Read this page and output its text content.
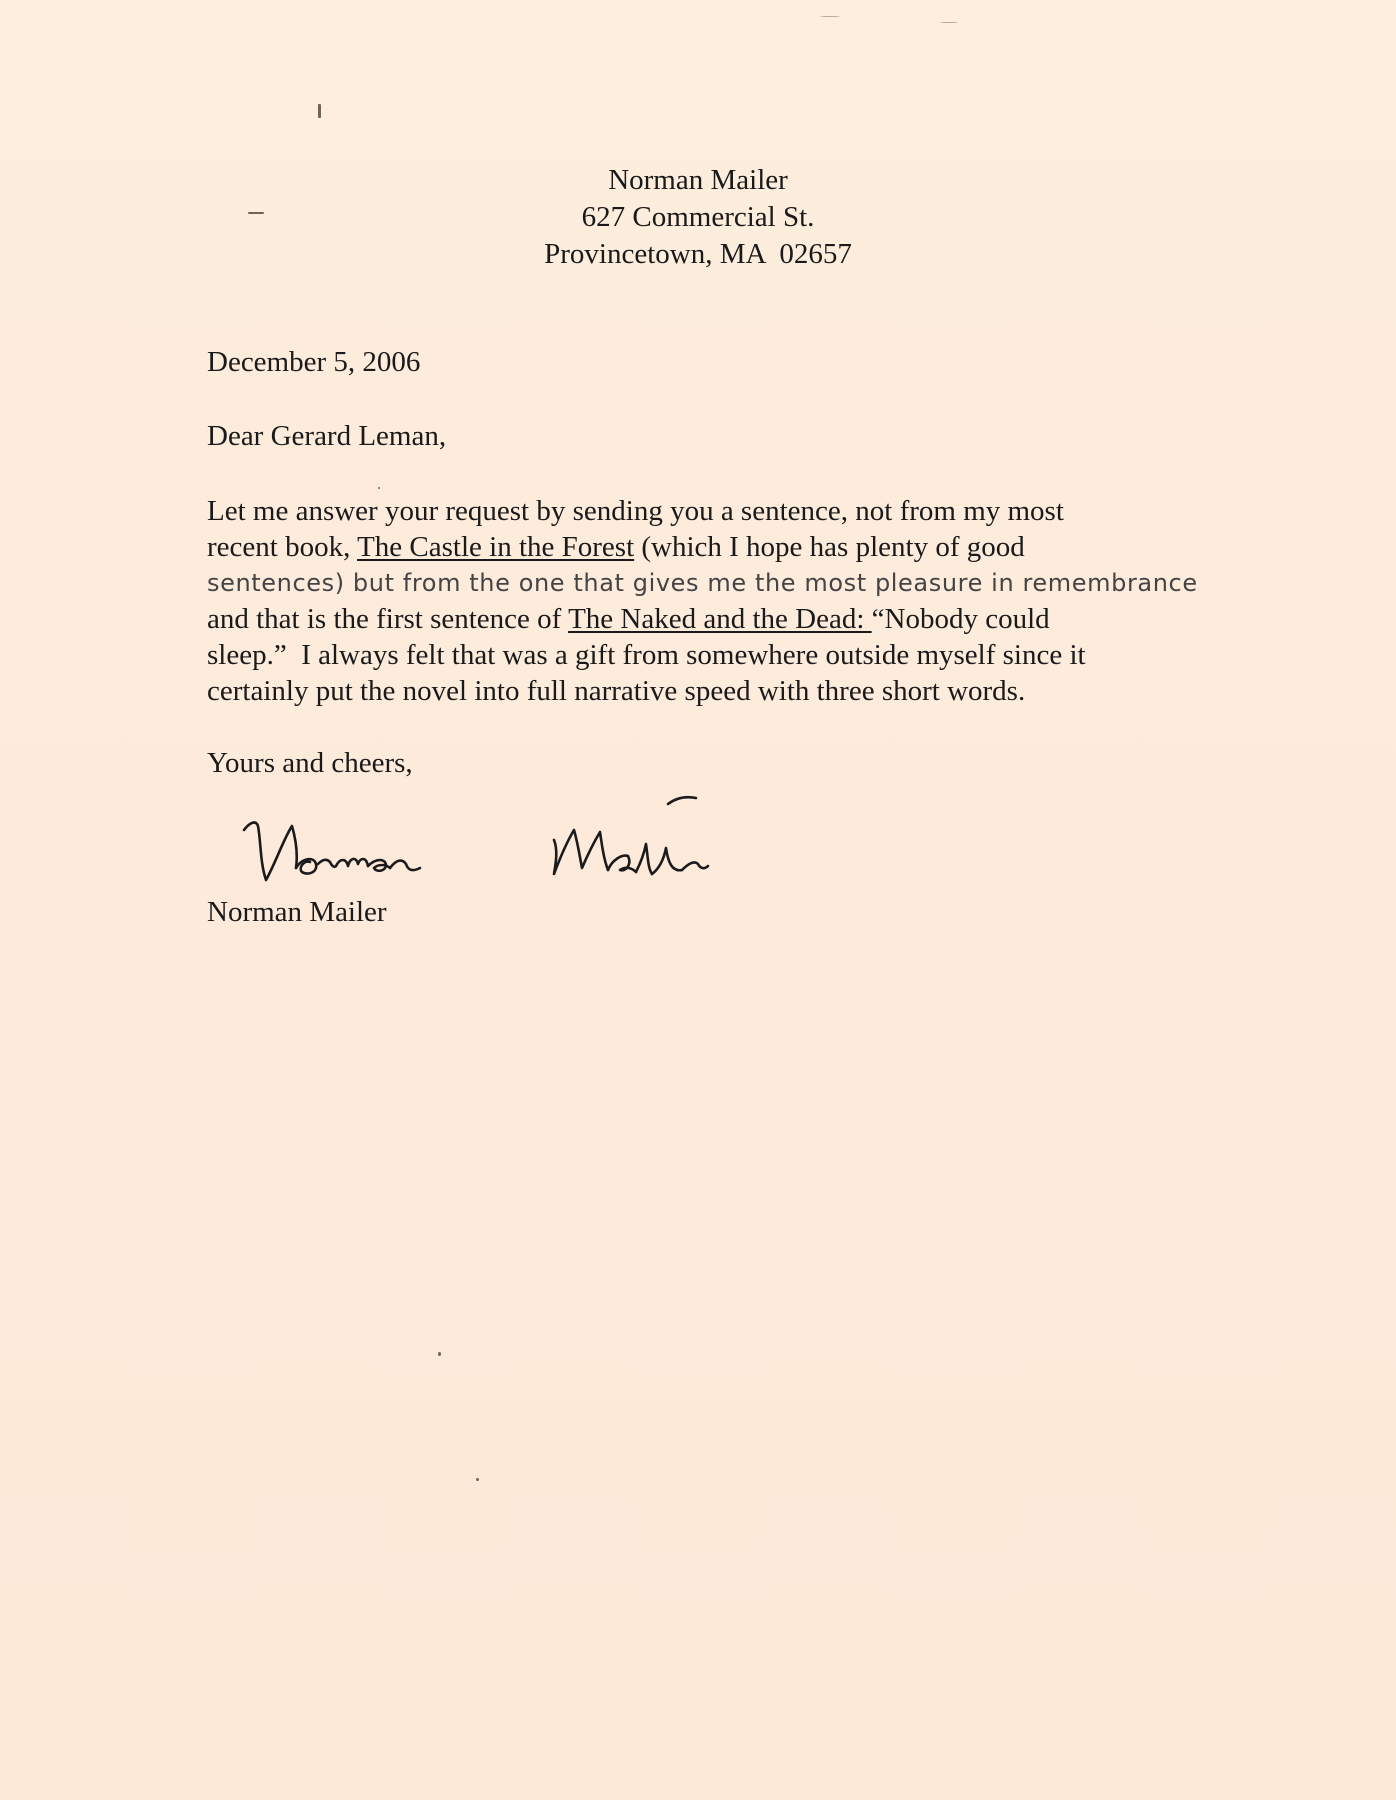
Norman Mailer
627 Commercial St.
Provincetown, MA  02657
December 5, 2006
Dear Gerard Leman,
Let me answer your request by sending you a sentence, not from my most
recent book, The Castle in the Forest (which I hope has plenty of good
sentences) but from the one that gives me the most pleasure in remembrance
and that is the first sentence of The Naked and the Dead: “Nobody could
sleep.”  I always felt that was a gift from somewhere outside myself since it
certainly put the novel into full narrative speed with three short words.
Yours and cheers,
Norman Mailer
